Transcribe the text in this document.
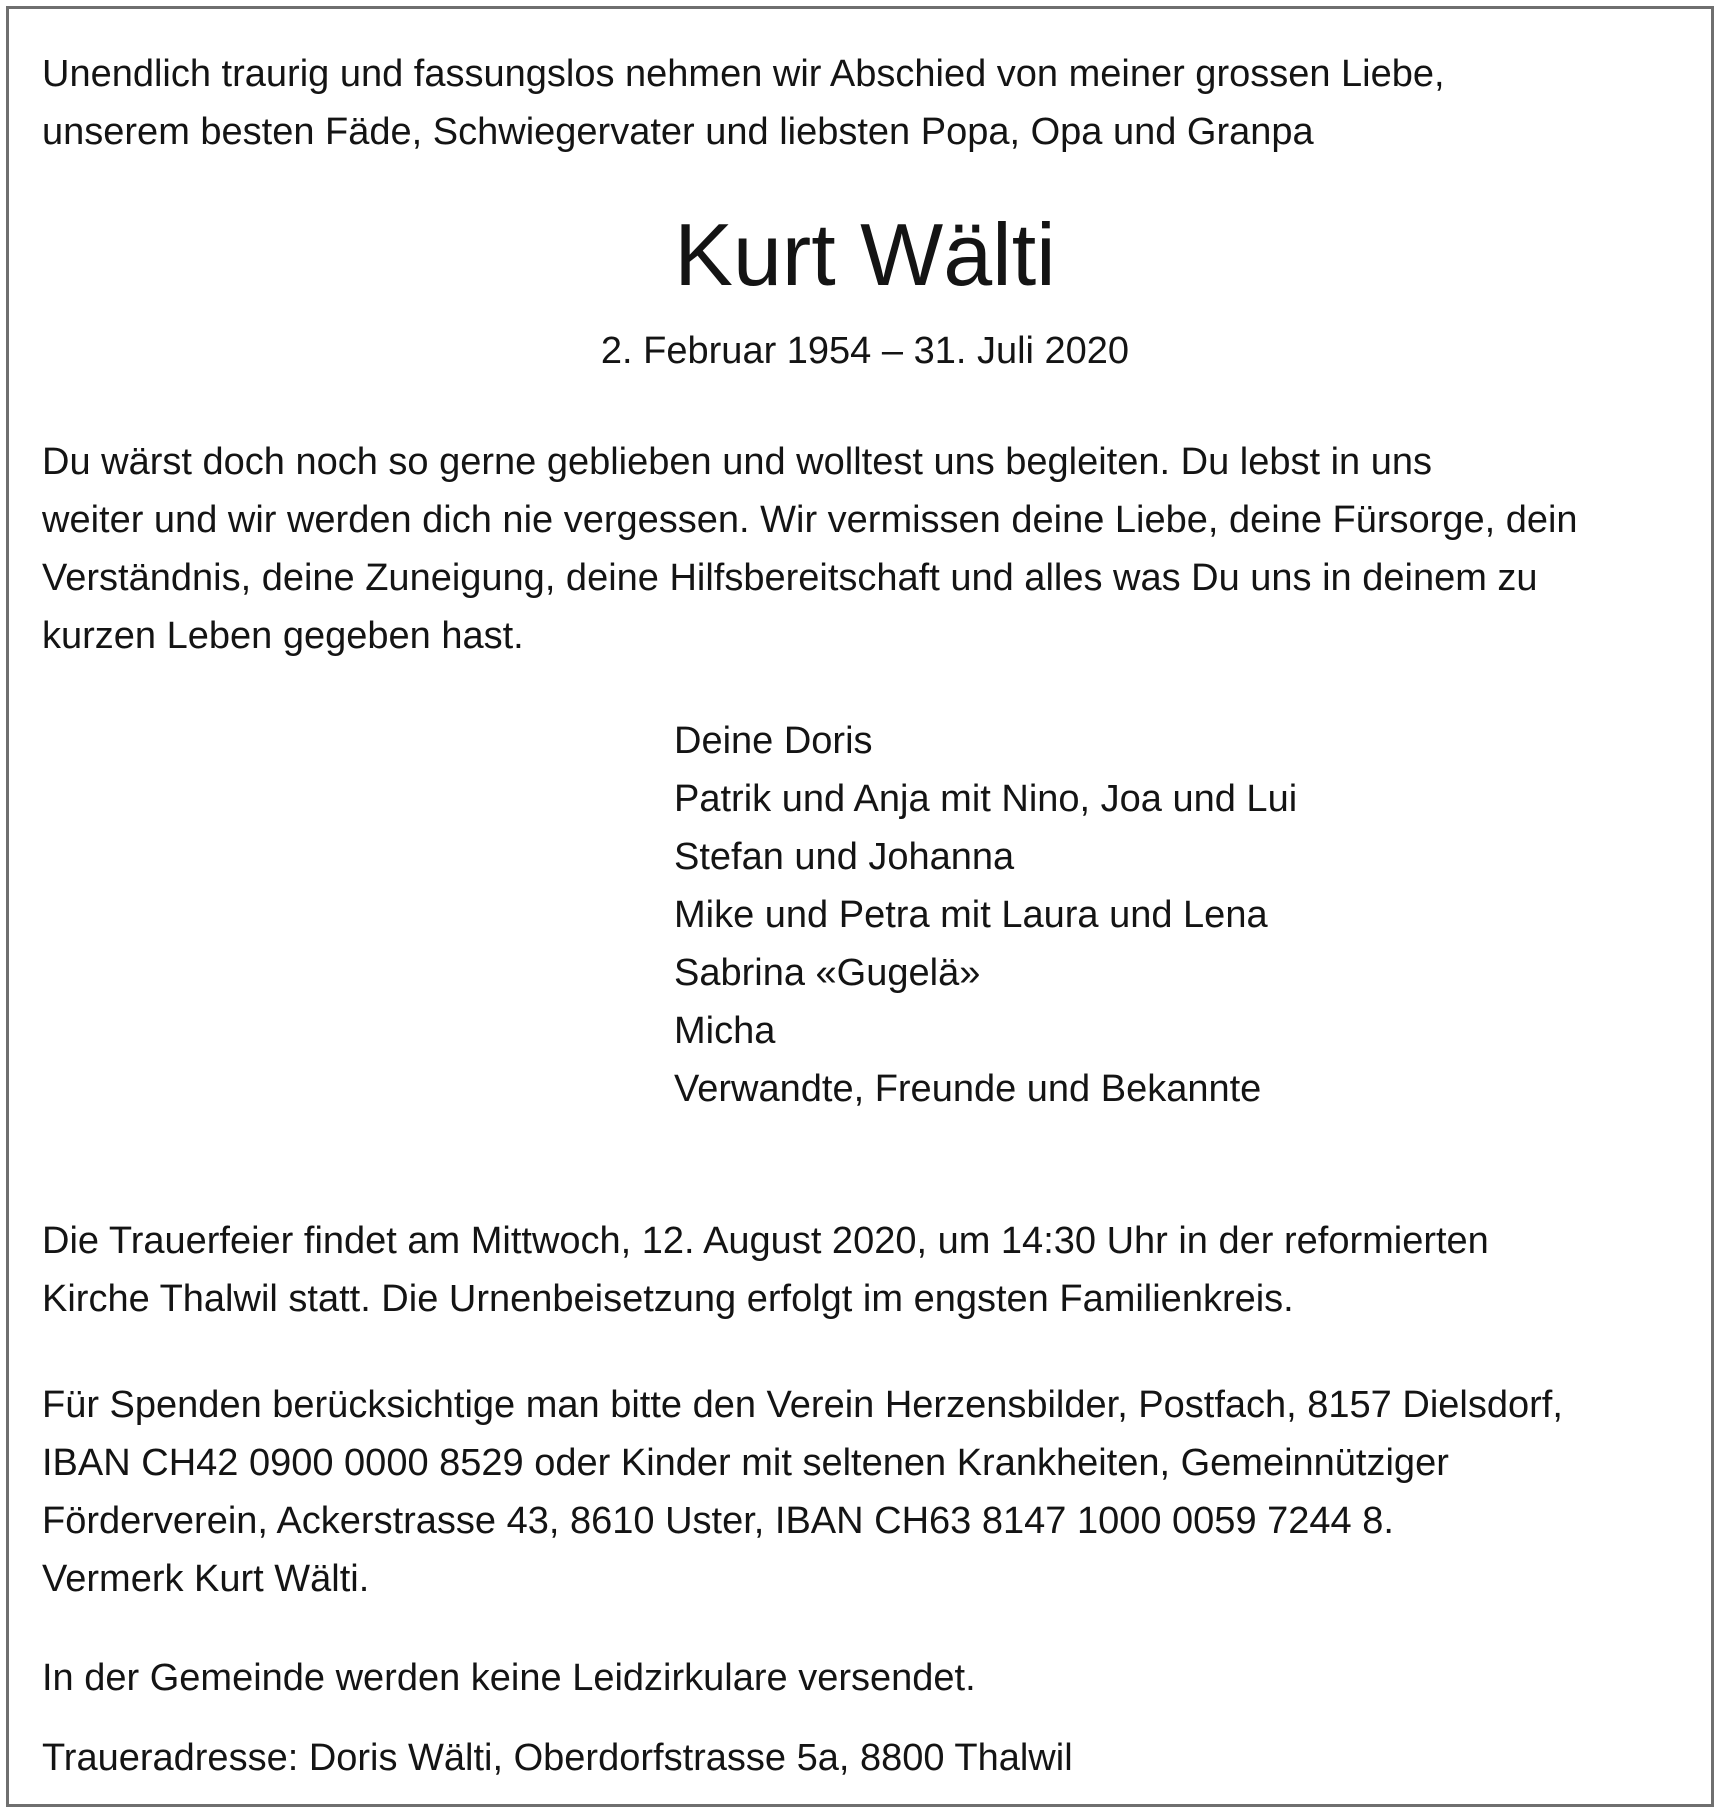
Unendlich traurig und fassungslos nehmen wir Abschied von meiner grossen Liebe,
unserem besten Fäde, Schwiegervater und liebsten Popa, Opa und Granpa

Kurt Wälti

2. Februar 1954 – 31. Juli 2020

Du wärst doch noch so gerne geblieben und wolltest uns begleiten. Du lebst in uns
weiter und wir werden dich nie vergessen. Wir vermissen deine Liebe, deine Fürsorge, dein
Verständnis, deine Zuneigung, deine Hilfsbereitschaft und alles was Du uns in deinem zu
kurzen Leben gegeben hast.

Deine Doris
Patrik und Anja mit Nino, Joa und Lui
Stefan und Johanna
Mike und Petra mit Laura und Lena
Sabrina «Gugelä»
Micha
Verwandte, Freunde und Bekannte

Die Trauerfeier findet am Mittwoch, 12. August 2020, um 14:30 Uhr in der reformierten
Kirche Thalwil statt. Die Urnenbeisetzung erfolgt im engsten Familienkreis.

Für Spenden berücksichtige man bitte den Verein Herzensbilder, Postfach, 8157 Dielsdorf,
IBAN CH42 0900 0000 8529 oder Kinder mit seltenen Krankheiten, Gemeinnütziger
Förderverein, Ackerstrasse 43, 8610 Uster, IBAN CH63 8147 1000 0059 7244 8.
Vermerk Kurt Wälti.

In der Gemeinde werden keine Leidzirkulare versendet.

Traueradresse: Doris Wälti, Oberdorfstrasse 5a, 8800 Thalwil
